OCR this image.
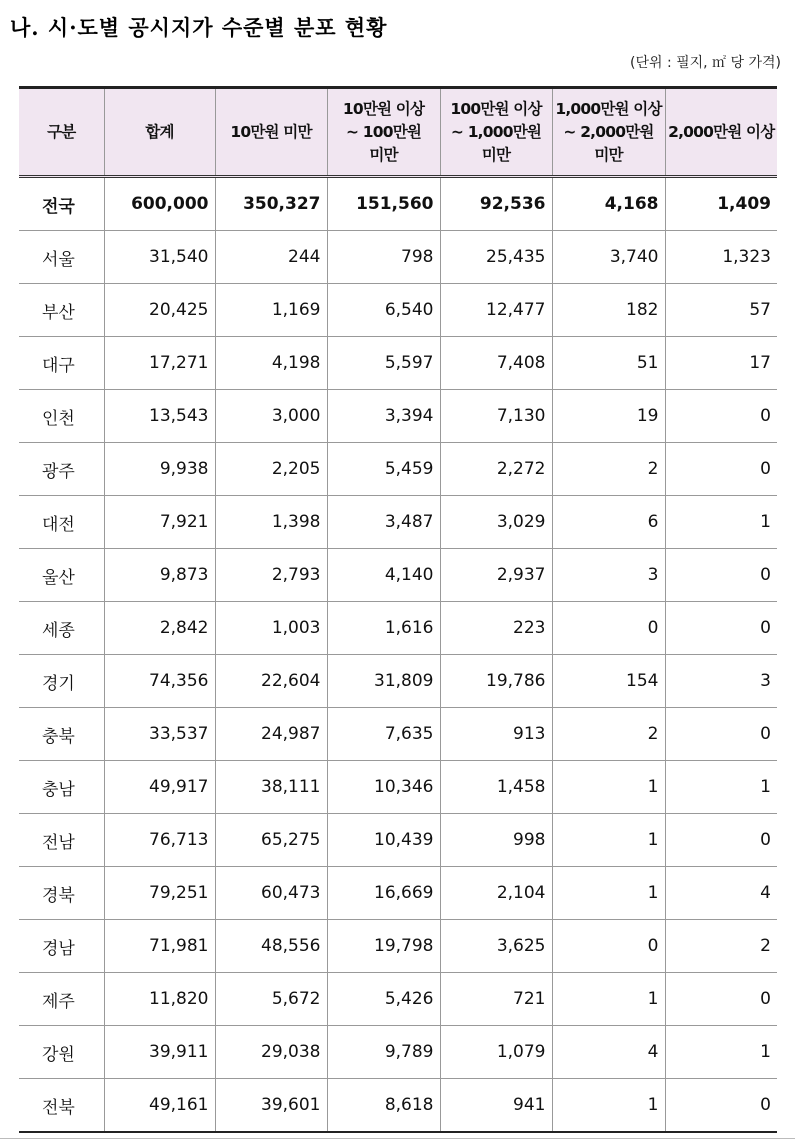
나. 시·도별 공시지가 수준별 분포 현황
(단위 : 필지, ㎡ 당 가격)
구분	합계	10만원 미만	10만원 이상
~ 100만원
미만	100만원 이상
~ 1,000만원
미만	1,000만원 이상
~ 2,000만원
미만	2,000만원 이상
전국	600,000	350,327	151,560	92,536	4,168	1,409
서울	31,540	244	798	25,435	3,740	1,323
부산	20,425	1,169	6,540	12,477	182	57
대구	17,271	4,198	5,597	7,408	51	17
인천	13,543	3,000	3,394	7,130	19	0
광주	9,938	2,205	5,459	2,272	2	0
대전	7,921	1,398	3,487	3,029	6	1
울산	9,873	2,793	4,140	2,937	3	0
세종	2,842	1,003	1,616	223	0	0
경기	74,356	22,604	31,809	19,786	154	3
충북	33,537	24,987	7,635	913	2	0
충남	49,917	38,111	10,346	1,458	1	1
전남	76,713	65,275	10,439	998	1	0
경북	79,251	60,473	16,669	2,104	1	4
경남	71,981	48,556	19,798	3,625	0	2
제주	11,820	5,672	5,426	721	1	0
강원	39,911	29,038	9,789	1,079	4	1
전북	49,161	39,601	8,618	941	1	0
